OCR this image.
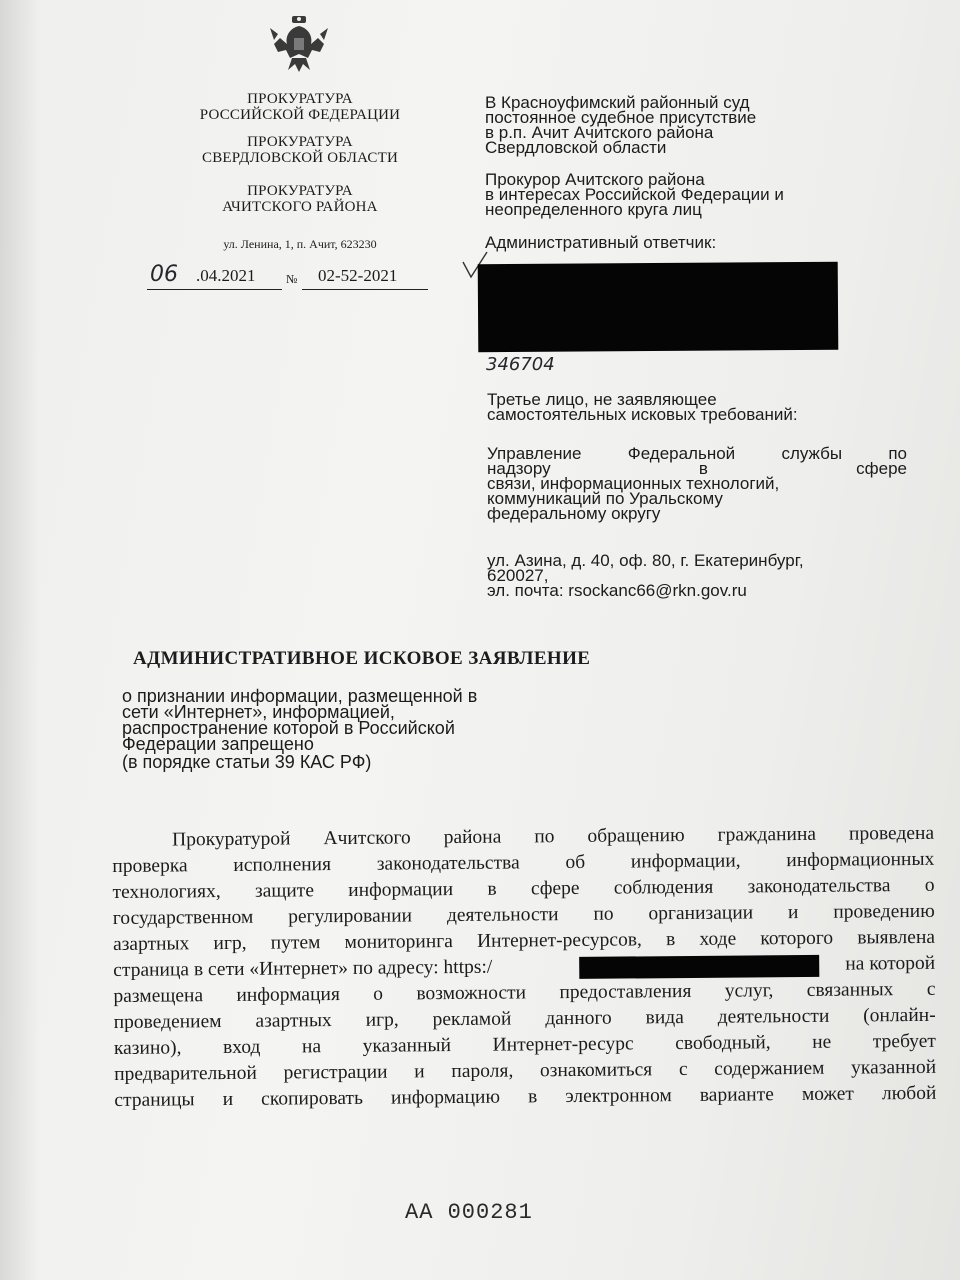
ПРОКУРАТУРА
РОССИЙСКОЙ ФЕДЕРАЦИИ
ПРОКУРАТУРА
СВЕРДЛОВСКОЙ ОБЛАСТИ
ПРОКУРАТУРА
АЧИТСКОГО РАЙОНА
ул. Ленина, 1, п. Ачит, 623230
06 .04.2021	№ 02-52-2021
В Красноуфимский районный суд
постоянное судебное присутствие
в р.п. Ачит Ачитского района
Свердловской области
Прокурор Ачитского района
в интересах Российской Федерации и
неопределенного круга лиц
Административный ответчик:
346704
Третье лицо, не заявляющее
самостоятельных исковых требований:
Управление Федеральной службы по
надзору в сфере
связи, информационных технологий,
коммуникаций по Уральскому
федеральному округу
ул. Азина, д. 40, оф. 80, г. Екатеринбург,
620027,
эл. почта: rsockanc66@rkn.gov.ru
АДМИНИСТРАТИВНОЕ ИСКОВОЕ ЗАЯВЛЕНИЕ
о признании информации, размещенной в
сети «Интернет», информацией,
распространение которой в Российской
Федерации запрещено
(в порядке статьи 39 КАС РФ)
Прокуратурой Ачитского района по обращению гражданина проведена
проверка исполнения законодательства об информации, информационных
технологиях, защите информации в сфере соблюдения законодательства о
государственном регулировании деятельности по организации и проведению
азартных игр, путем мониторинга Интернет-ресурсов, в ходе которого выявлена
страница в сети «Интернет» по адресу: https:/	на которой
размещена информация о возможности предоставления услуг, связанных с
проведением азартных игр, рекламой данного вида деятельности (онлайн-
казино), вход на указанный Интернет-ресурс свободный, не требует
предварительной регистрации и пароля, ознакомиться с содержанием указанной
страницы и скопировать информацию в электронном варианте может любой
АА 000281
